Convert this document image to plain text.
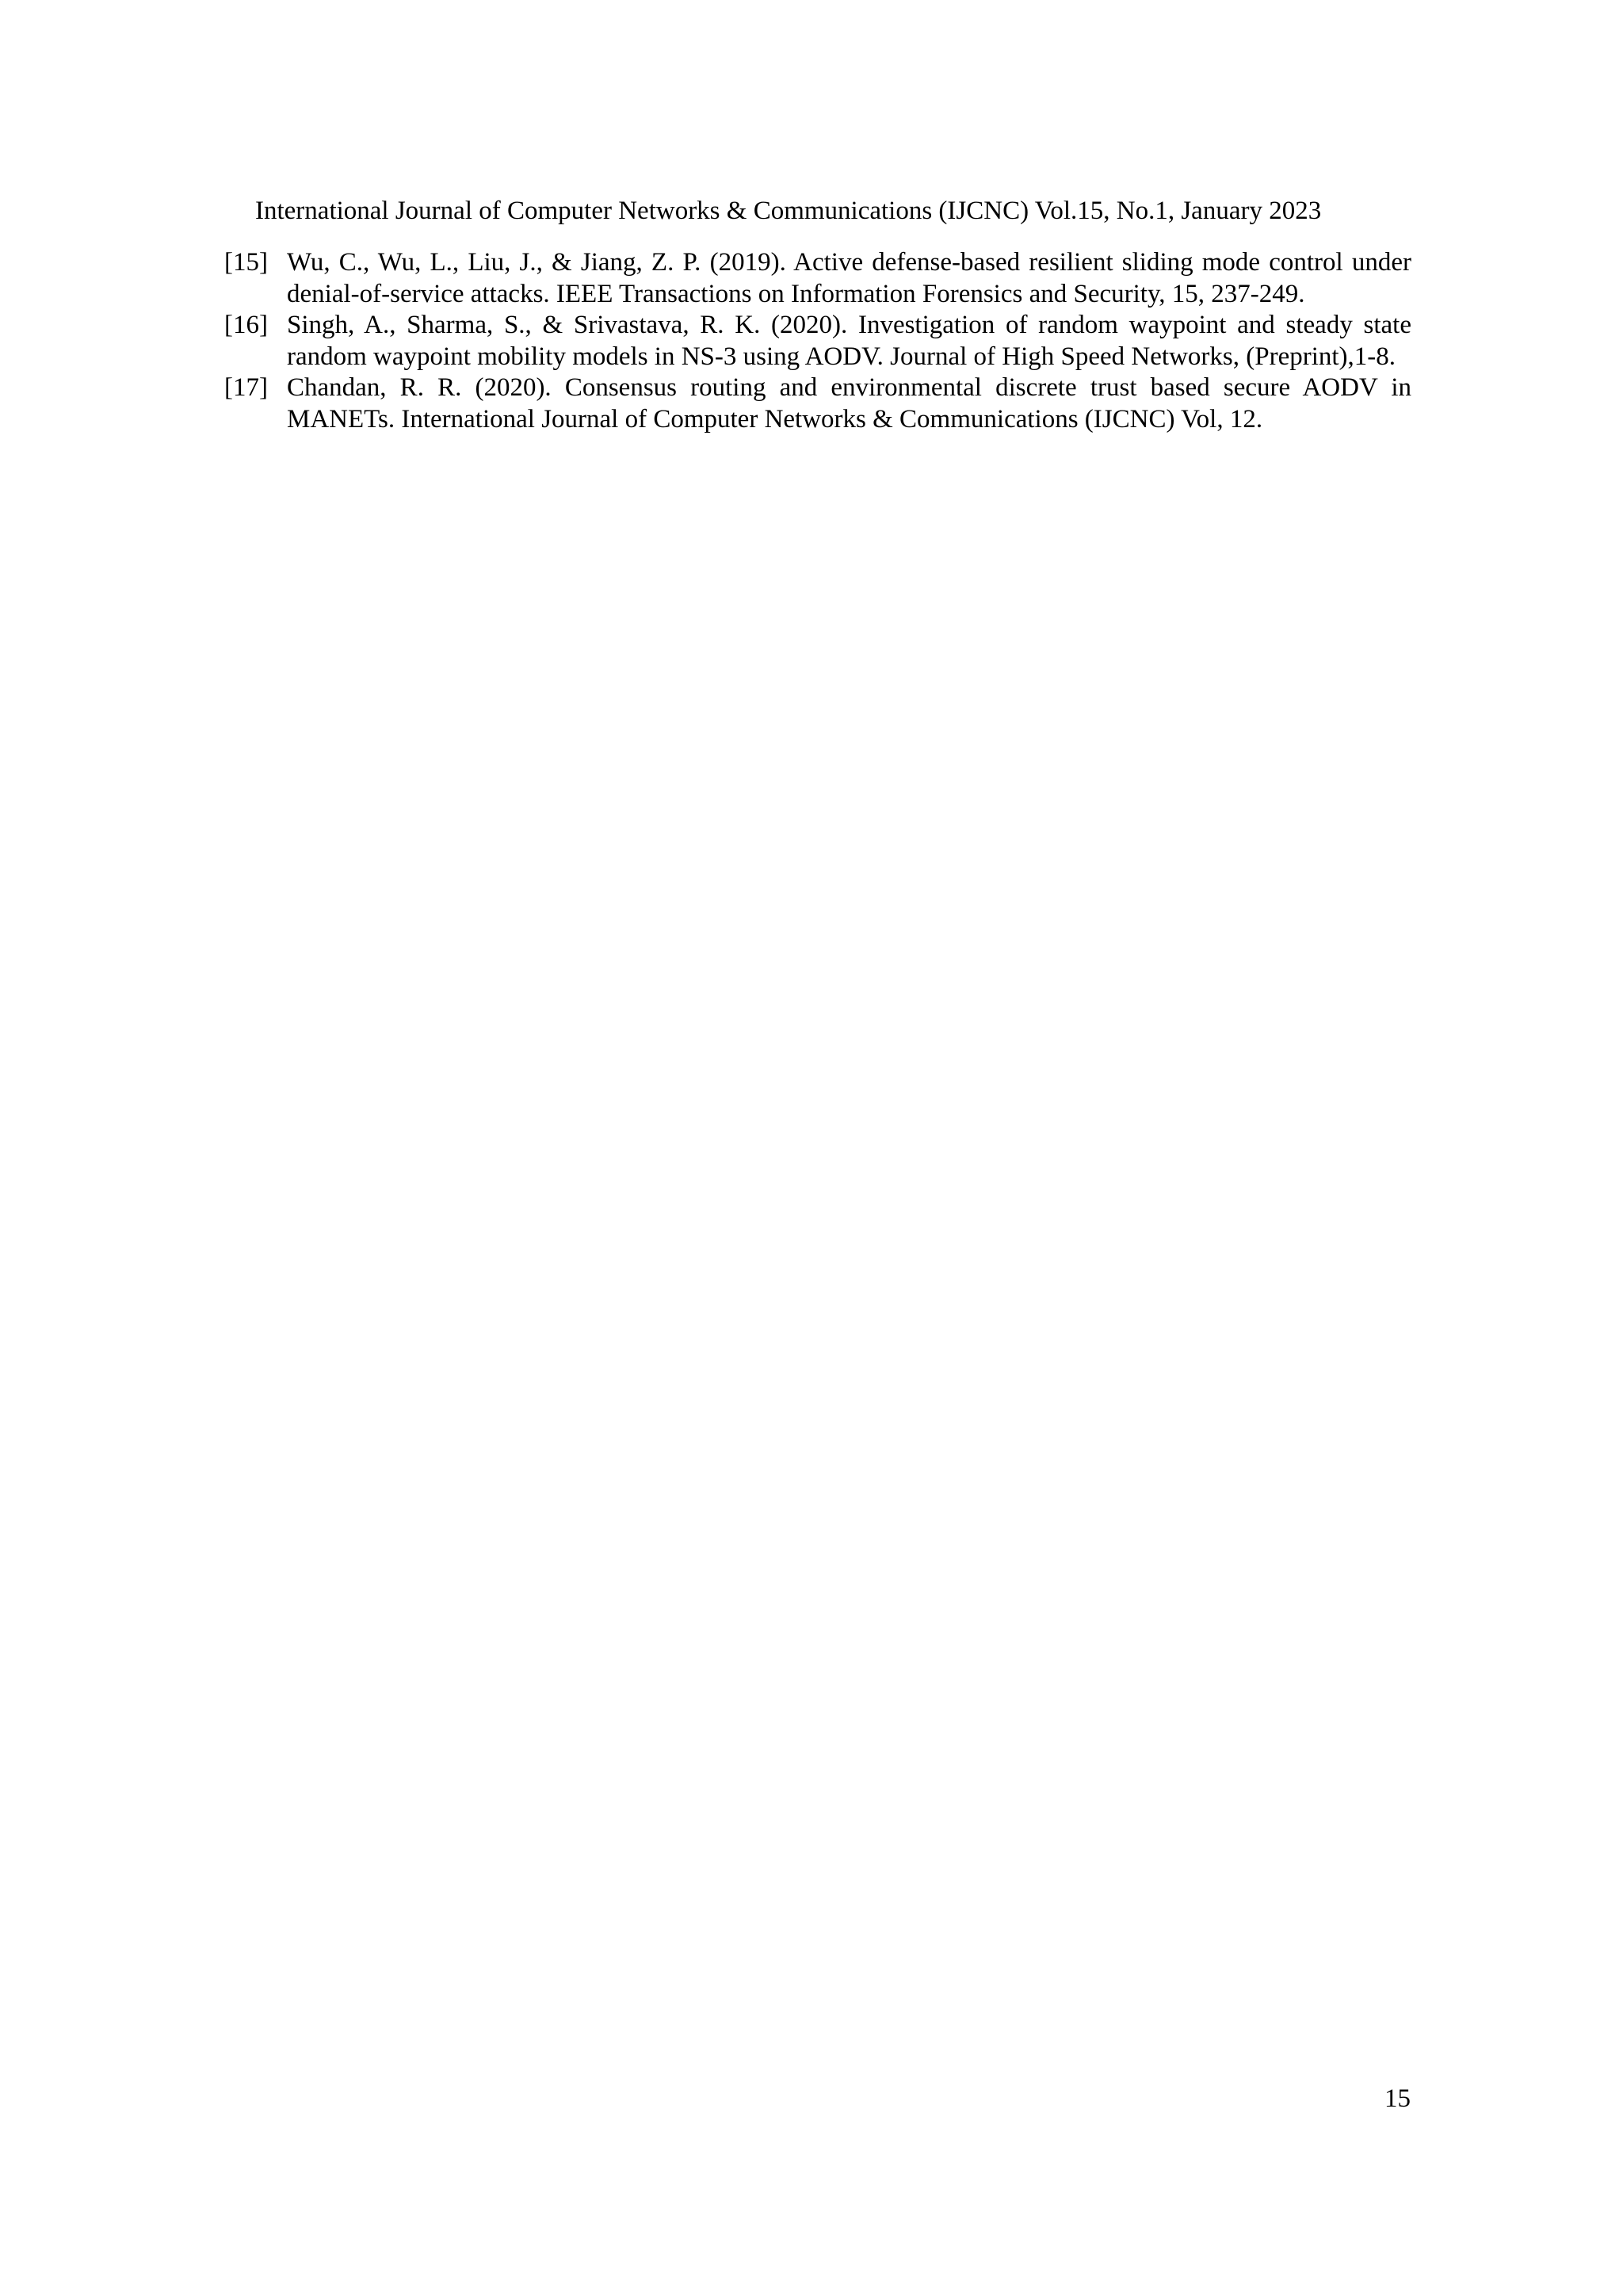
International Journal of Computer Networks & Communications (IJCNC) Vol.15, No.1, January 2023
[15] Wu, C., Wu, L., Liu, J., & Jiang, Z. P. (2019). Active defense-based resilient sliding mode control under denial-of-service attacks. IEEE Transactions on Information Forensics and Security, 15, 237-249.
[16] Singh, A., Sharma, S., & Srivastava, R. K. (2020). Investigation of random waypoint and steady state random waypoint mobility models in NS-3 using AODV. Journal of High Speed Networks, (Preprint),1-8.
[17] Chandan, R. R. (2020). Consensus routing and environmental discrete trust based secure AODV in MANETs. International Journal of Computer Networks & Communications (IJCNC) Vol, 12.
15
